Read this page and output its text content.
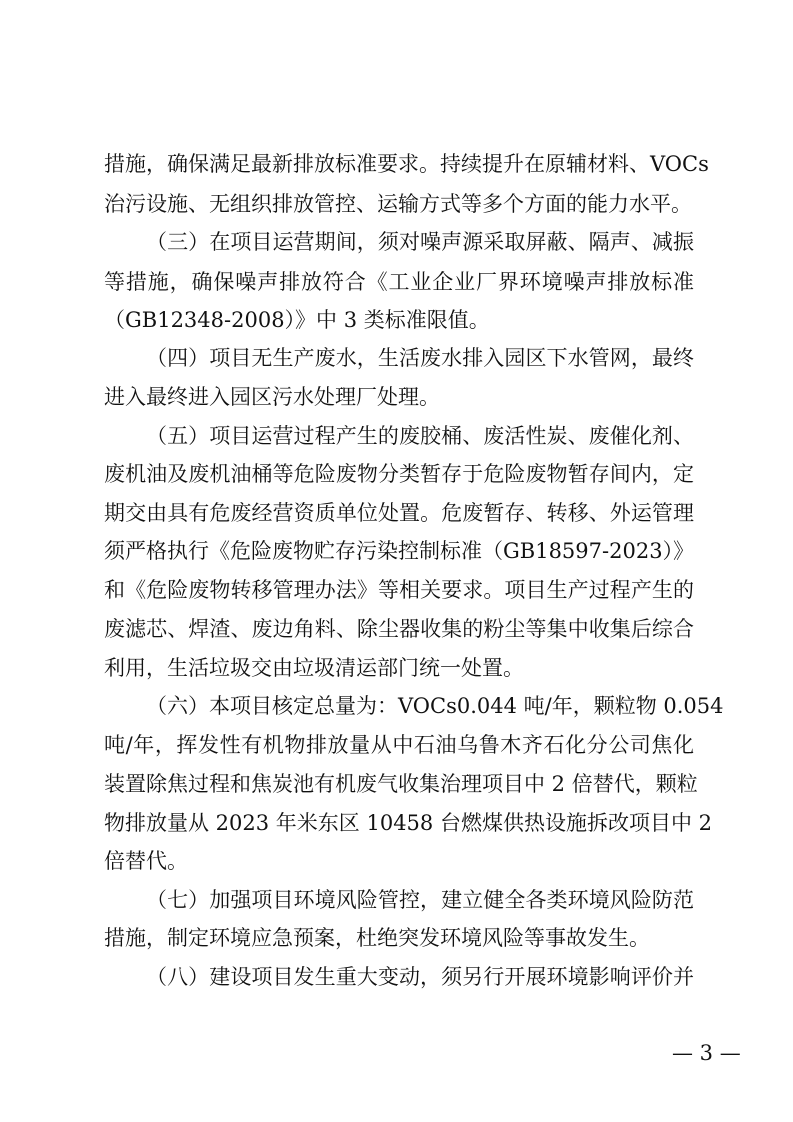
措施，确保满足最新排放标准要求。持续提升在原辅材料、VOCs
治污设施、无组织排放管控、运输方式等多个方面的能力水平。
（三）在项目运营期间，须对噪声源采取屏蔽、隔声、减振
等措施，确保噪声排放符合《工业企业厂界环境噪声排放标准
（GB12348-2008）》中 3 类标准限值。
（四）项目无生产废水，生活废水排入园区下水管网，最终
进入最终进入园区污水处理厂处理。
（五）项目运营过程产生的废胶桶、废活性炭、废催化剂、
废机油及废机油桶等危险废物分类暂存于危险废物暂存间内，定
期交由具有危废经营资质单位处置。危废暂存、转移、外运管理
须严格执行《危险废物贮存污染控制标准（GB18597-2023）》
和《危险废物转移管理办法》等相关要求。项目生产过程产生的
废滤芯、焊渣、废边角料、除尘器收集的粉尘等集中收集后综合
利用，生活垃圾交由垃圾清运部门统一处置。
（六）本项目核定总量为：VOCs0.044 吨/年，颗粒物 0.054
吨/年，挥发性有机物排放量从中石油乌鲁木齐石化分公司焦化
装置除焦过程和焦炭池有机废气收集治理项目中 2 倍替代，颗粒
物排放量从 2023 年米东区 10458 台燃煤供热设施拆改项目中 2
倍替代。
（七）加强项目环境风险管控，建立健全各类环境风险防范
措施，制定环境应急预案，杜绝突发环境风险等事故发生。
（八）建设项目发生重大变动，须另行开展环境影响评价并
— 3 —
